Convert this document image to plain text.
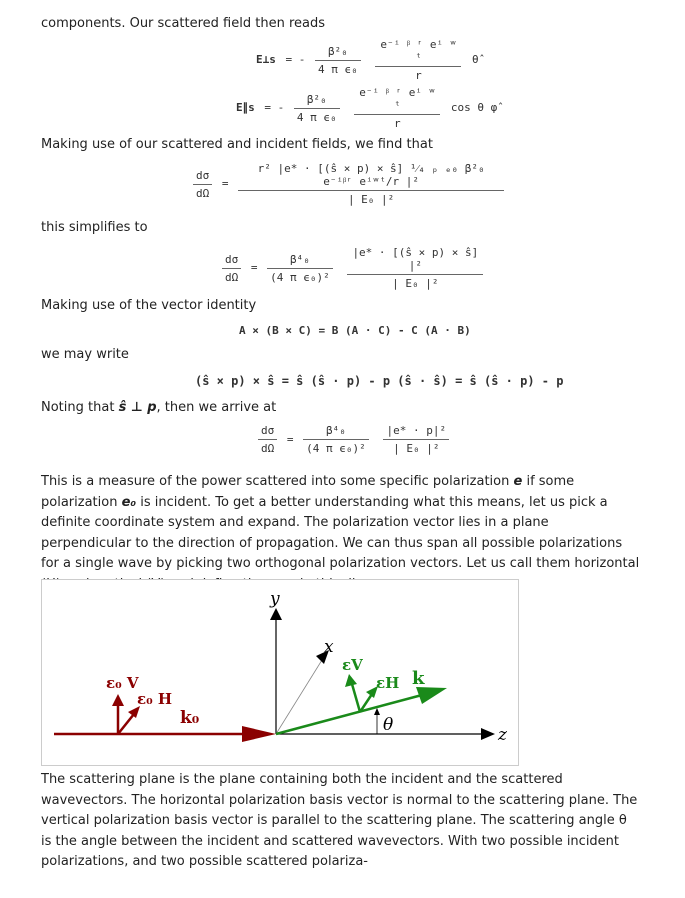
components. Our scattered field then reads
E⊥s = - $\frac{\text{β²₀}}{\text{4 π ϵ₀}}$
$\frac{\text{e⁻ⁱ ᵝ ʳ eⁱ ʷ ᵗ}}{r}$ θ̂
E∥s = - $\frac{\text{β²₀}}{\text{4 π ϵ₀}}$
$\frac{\text{e⁻ⁱ ᵝ ʳ eⁱ ʷ ᵗ}}{r}$ cos θ φ̂
Making use of our scattered and incident fields, we find that
$\frac{d\sigma}{d\Omega} = \frac{\text{r² |e* · [(ŝ × p) × ŝ] ¹⁄₄ ₚ ₑ₀ β²₀ e⁻ⁱᵝʳ eⁱʷᵗ/r |²}}{\text{| E₀ |²}}$
this simplifies to
$\frac{d\sigma}{d\Omega} = \frac{\text{β⁴₀}}{\text{(4 π ϵ₀)²}}$
$\frac{\text{|e* · [(ŝ × p) × ŝ] |²}}{\text{| E₀ |²}}$
Making use of the vector identity
A × (B × C) = B (A · C) - C (A · B)
we may write
(ŝ × p) × ŝ = ŝ (ŝ · p) - p (ŝ · ŝ) = ŝ (ŝ · p) - p
Noting that ŝ ⊥ p, then we arrive at
$\frac{d\sigma}{d\Omega} = \frac{\text{β⁴₀}}{\text{(4 π ϵ₀)²}}$
$\frac{\text{|e* · p|²}}{\text{| E₀ |²}}$
This is a measure of the power scattered into some specific polarization e if some polarization e₀ is incident. To get a better understanding what this means, let us pick a definite coordinate system and expand. The polarization vector lies in a plane perpendicular to the direction of propagation. We can thus span all possible polarizations for a single wave by picking two orthogonal polarization vectors. Let us call them horizontal
z
y
x
k₀
ε₀ V
ε₀ H
k
εV
εH
θ
The scattering plane is the plane containing both the incident and the scattered wavevectors. The horizontal polarization basis vector is normal to the scattering plane. The vertical polarization basis vector is parallel to the scattering plane. The scattering angle θ is the angle between the incident and scattered wavevectors. With two possible incident polarizations, and two possible scattered polariza-
